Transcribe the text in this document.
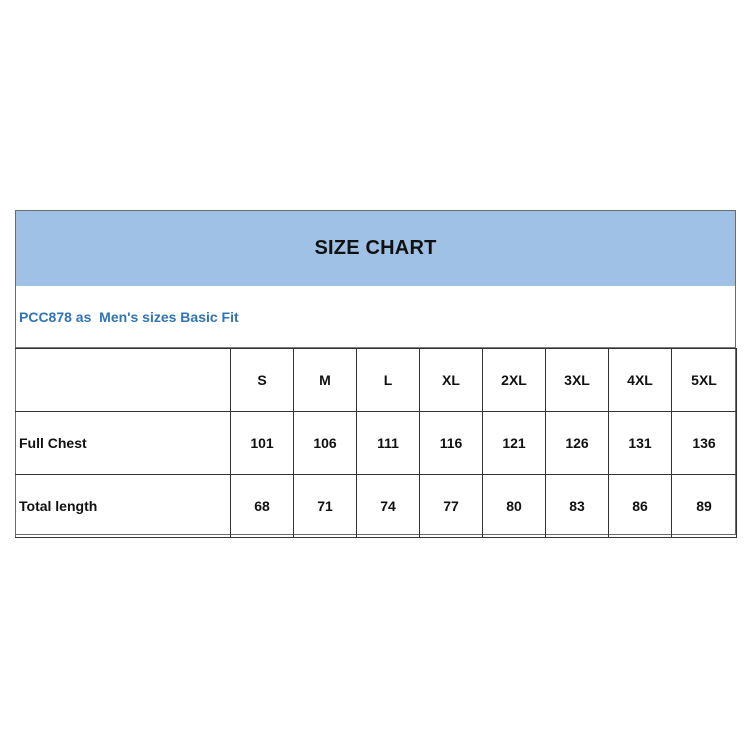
SIZE CHART
PCC878 as  Men's sizes Basic Fit
	S	M	L	XL	2XL	3XL	4XL	5XL
Full Chest	101	106	111	116	121	126	131	136
Total length	68	71	74	77	80	83	86	89
